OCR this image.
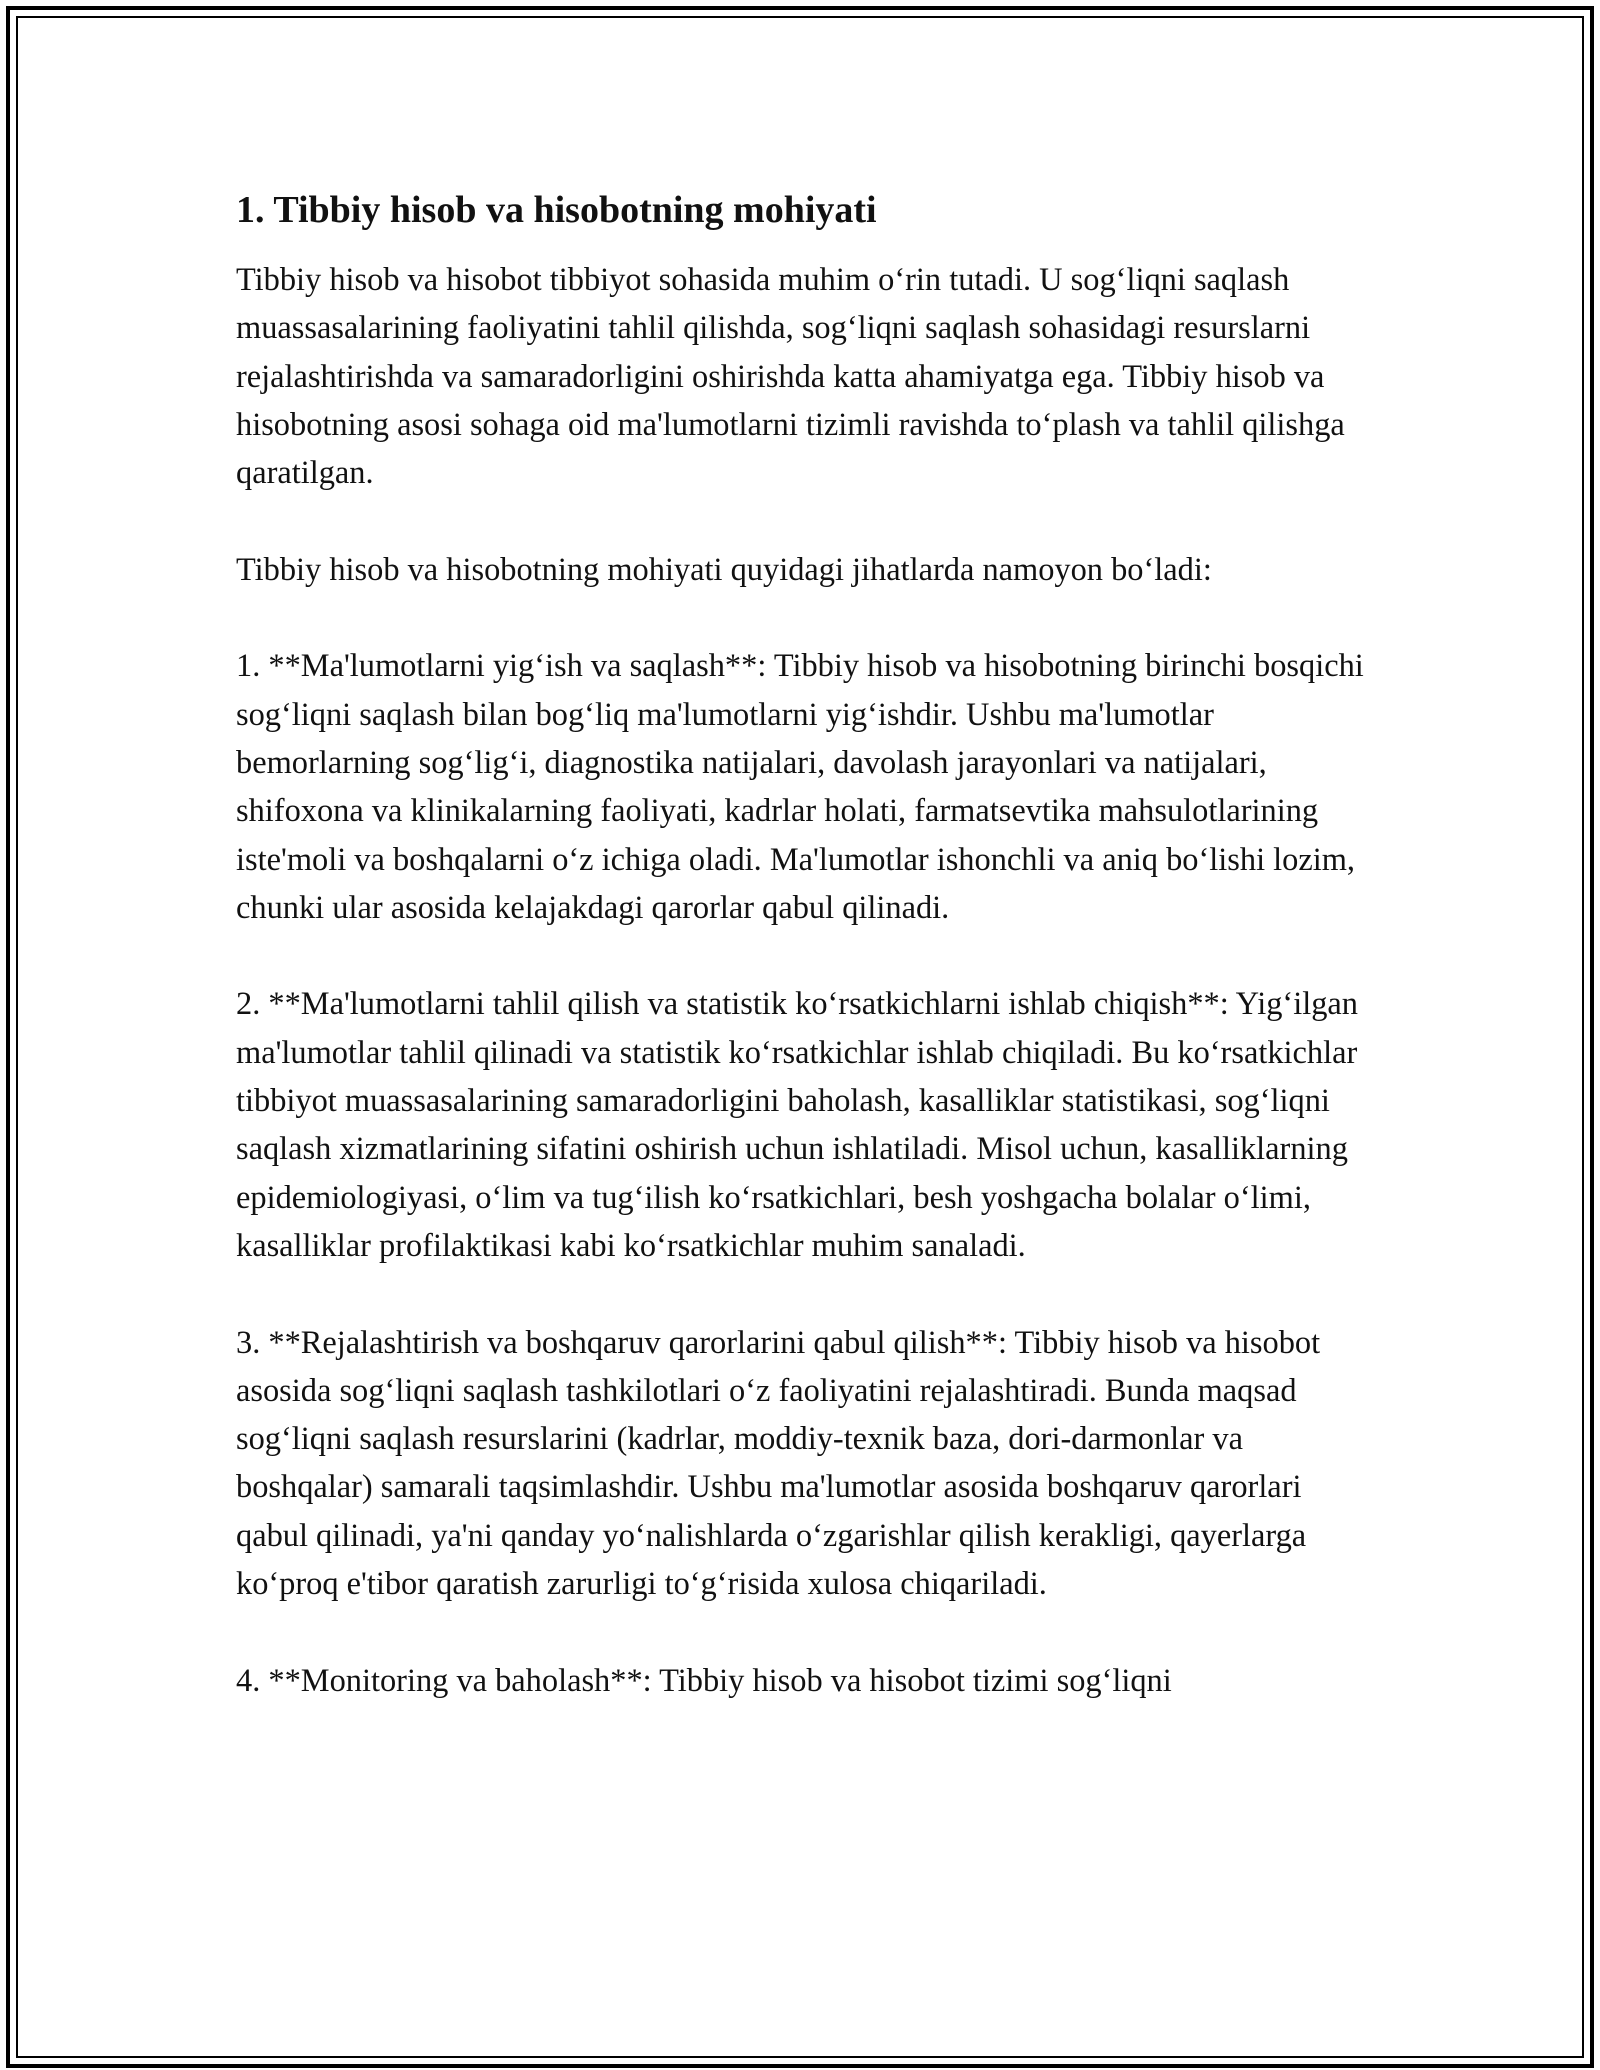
1. Tibbiy hisob va hisobotning mohiyati

Tibbiy hisob va hisobot tibbiyot sohasida muhim o‘rin tutadi. U sog‘liqni saqlash muassasalarining faoliyatini tahlil qilishda, sog‘liqni saqlash sohasidagi resurslarni rejalashtirishda va samaradorligini oshirishda katta ahamiyatga ega. Tibbiy hisob va hisobotning asosi sohaga oid ma'lumotlarni tizimli ravishda to‘plash va tahlil qilishga qaratilgan.

Tibbiy hisob va hisobotning mohiyati quyidagi jihatlarda namoyon bo‘ladi:

1. **Ma'lumotlarni yig‘ish va saqlash**: Tibbiy hisob va hisobotning birinchi bosqichi sog‘liqni saqlash bilan bog‘liq ma'lumotlarni yig‘ishdir. Ushbu ma'lumotlar bemorlarning sog‘lig‘i, diagnostika natijalari, davolash jarayonlari va natijalari, shifoxona va klinikalarning faoliyati, kadrlar holati, farmatsevtika mahsulotlarining iste'moli va boshqalarni o‘z ichiga oladi. Ma'lumotlar ishonchli va aniq bo‘lishi lozim, chunki ular asosida kelajakdagi qarorlar qabul qilinadi.

2. **Ma'lumotlarni tahlil qilish va statistik ko‘rsatkichlarni ishlab chiqish**: Yig‘ilgan ma'lumotlar tahlil qilinadi va statistik ko‘rsatkichlar ishlab chiqiladi. Bu ko‘rsatkichlar tibbiyot muassasalarining samaradorligini baholash, kasalliklar statistikasi, sog‘liqni saqlash xizmatlarining sifatini oshirish uchun ishlatiladi. Misol uchun, kasalliklarning epidemiologiyasi, o‘lim va tug‘ilish ko‘rsatkichlari, besh yoshgacha bolalar o‘limi, kasalliklar profilaktikasi kabi ko‘rsatkichlar muhim sanaladi.

3. **Rejalashtirish va boshqaruv qarorlarini qabul qilish**: Tibbiy hisob va hisobot asosida sog‘liqni saqlash tashkilotlari o‘z faoliyatini rejalashtiradi. Bunda maqsad sog‘liqni saqlash resurslarini (kadrlar, moddiy-texnik baza, dori-darmonlar va boshqalar) samarali taqsimlashdir. Ushbu ma'lumotlar asosida boshqaruv qarorlari qabul qilinadi, ya'ni qanday yo‘nalishlarda o‘zgarishlar qilish kerakligi, qayerlarga ko‘proq e'tibor qaratish zarurligi to‘g‘risida xulosa chiqariladi.

4. **Monitoring va baholash**: Tibbiy hisob va hisobot tizimi sog‘liqni
